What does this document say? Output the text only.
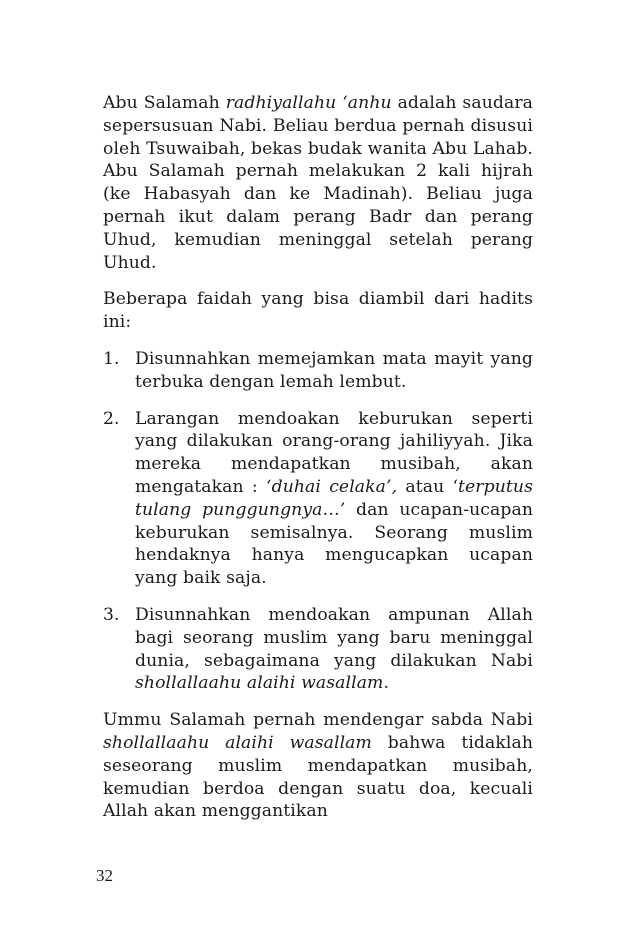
Abu Salamah radhiyallahu ‘anhu adalah saudara sepersusuan Nabi. Beliau berdua pernah disusui oleh Tsuwaibah, bekas budak wanita Abu Lahab. Abu Salamah pernah melakukan 2 kali hijrah (ke Habasyah dan ke Madinah). Beliau juga pernah ikut dalam perang Badr dan perang Uhud, kemudian meninggal setelah perang Uhud.

Beberapa faidah yang bisa diambil dari hadits ini:

1. Disunnahkan memejamkan mata mayit yang terbuka dengan lemah lembut.
2. Larangan mendoakan keburukan seperti yang dilakukan orang-orang jahiliyyah. Jika mereka mendapatkan musibah, akan mengatakan : ‘duhai celaka’, atau ‘terputus tulang punggungnya…’ dan ucapan-ucapan keburukan semisalnya. Seorang muslim hendaknya hanya mengucapkan ucapan yang baik saja.
3. Disunnahkan mendoakan ampunan Allah bagi seorang muslim yang baru meninggal dunia, sebagaimana yang dilakukan Nabi shollallaahu alaihi wasallam.

Ummu Salamah pernah mendengar sabda Nabi shollallaahu alaihi wasallam bahwa tidaklah seseorang muslim mendapatkan musibah, kemudian berdoa dengan suatu doa, kecuali Allah akan menggantikan

32
